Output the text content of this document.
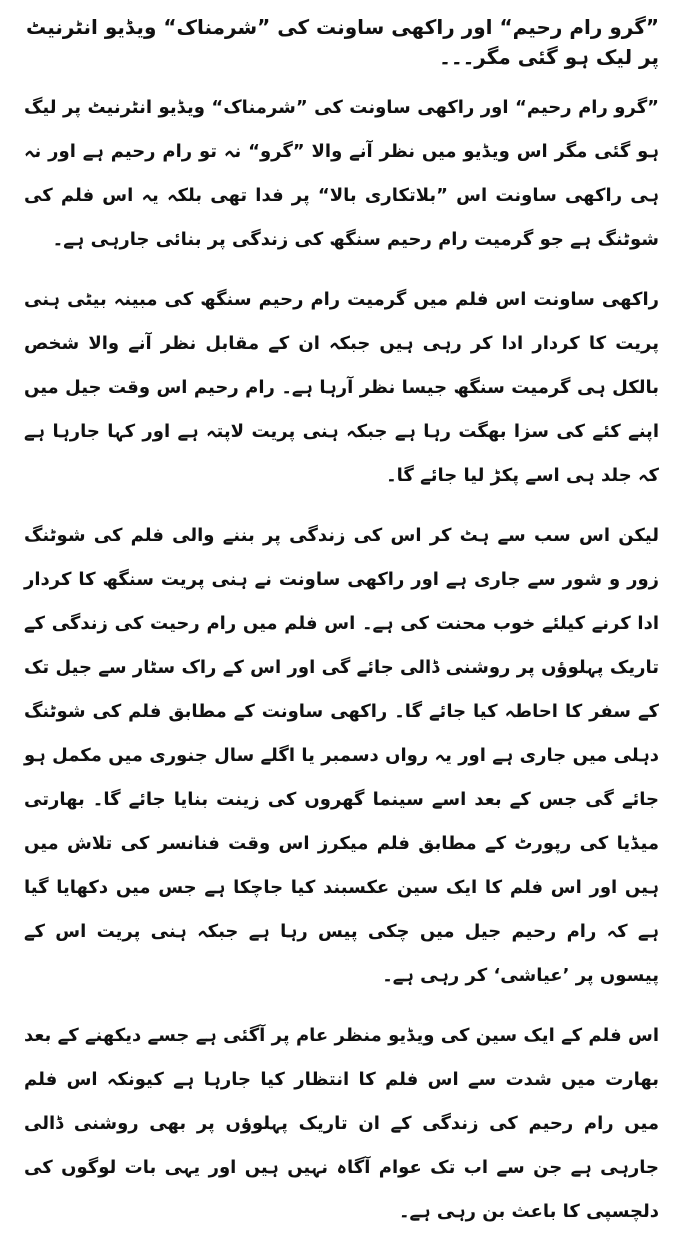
”گرو رام رحیم“ اور راکھی ساونت کی ”شرمناک“ ویڈیو انٹرنیٹ پر لیک ہو گئی مگر۔۔۔

”گرو رام رحیم“ اور راکھی ساونت کی ”شرمناک“ ویڈیو انٹرنیٹ پر لیگ ہو گئی مگر اس ویڈیو میں نظر آنے والا ”گرو“ نہ تو رام رحیم ہے اور نہ ہی راکھی ساونت اس ”بلاتکاری بالا“ پر فدا تھی بلکہ یہ اس فلم کی شوٹنگ ہے جو گرمیت رام رحیم سنگھ کی زندگی پر بنائی جارہی ہے۔

راکھی ساونت اس فلم میں گرمیت رام رحیم سنگھ کی مبینہ بیٹی ہنی پریت کا کردار ادا کر رہی ہیں جبکہ ان کے مقابل نظر آنے والا شخص بالکل ہی گرمیت سنگھ جیسا نظر آرہا ہے۔ رام رحیم اس وقت جیل میں اپنے کئے کی سزا بھگت رہا ہے جبکہ ہنی پریت لاپتہ ہے اور کہا جارہا ہے کہ جلد ہی اسے پکڑ لیا جائے گا۔

لیکن اس سب سے ہٹ کر اس کی زندگی پر بننے والی فلم کی شوٹنگ زور و شور سے جاری ہے اور راکھی ساونت نے ہنی پریت سنگھ کا کردار ادا کرنے کیلئے خوب محنت کی ہے۔ اس فلم میں رام رحیت کی زندگی کے تاریک پہلوؤں پر روشنی ڈالی جائے گی اور اس کے راک سٹار سے جیل تک کے سفر کا احاطہ کیا جائے گا۔ راکھی ساونت کے مطابق فلم کی شوٹنگ دہلی میں جاری ہے اور یہ رواں دسمبر یا اگلے سال جنوری میں مکمل ہو جائے گی جس کے بعد اسے سینما گھروں کی زینت بنایا جائے گا۔ بھارتی میڈیا کی رپورٹ کے مطابق فلم میکرز اس وقت فنانسر کی تلاش میں ہیں اور اس فلم کا ایک سین عکسبند کیا جاچکا ہے جس میں دکھایا گیا ہے کہ رام رحیم جیل میں چکی پیس رہا ہے جبکہ ہنی پریت اس کے پیسوں پر ’عیاشی‘ کر رہی ہے۔

اس فلم کے ایک سین کی ویڈیو منظر عام پر آگئی ہے جسے دیکھنے کے بعد بھارت میں شدت سے اس فلم کا انتظار کیا جارہا ہے کیونکہ اس فلم میں رام رحیم کی زندگی کے ان تاریک پہلوؤں پر بھی روشنی ڈالی جارہی ہے جن سے اب تک عوام آگاہ نہیں ہیں اور یہی بات لوگوں کی دلچسپی کا باعث بن رہی ہے۔
